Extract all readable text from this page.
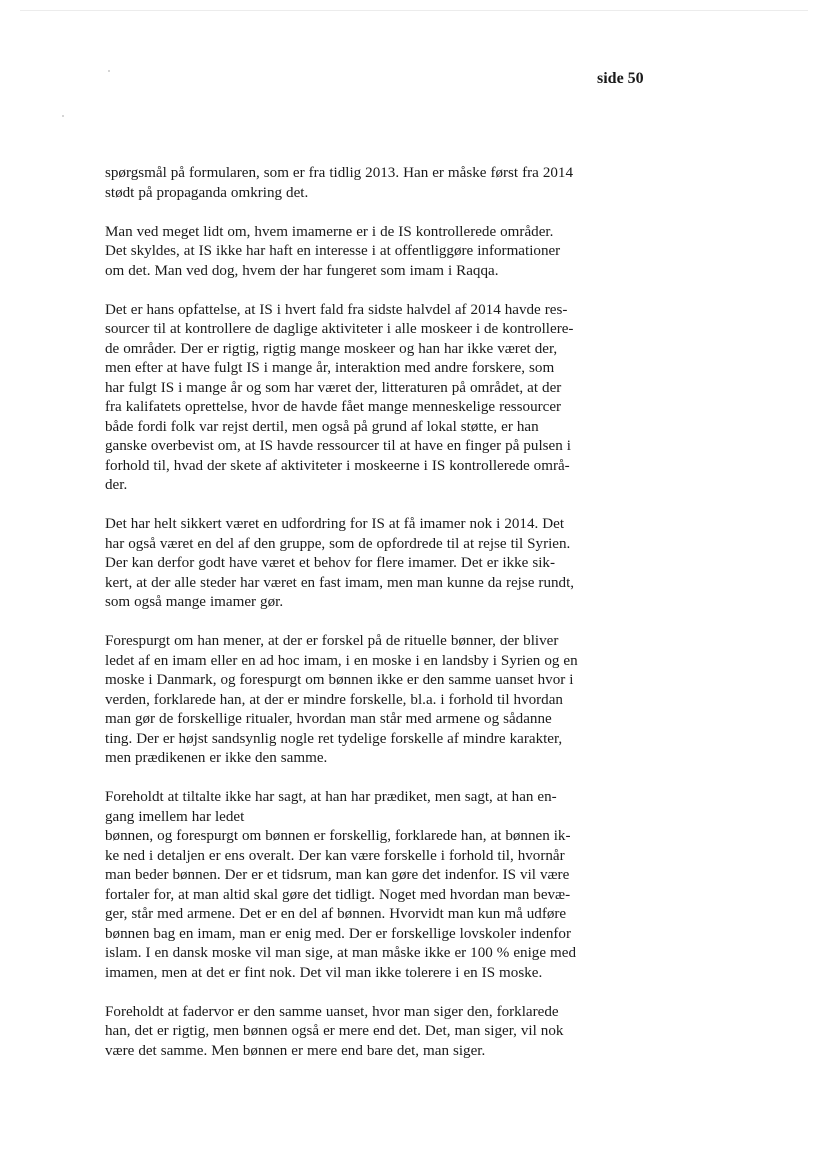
side 50

spørgsmål på formularen, som er fra tidlig 2013. Han er måske først fra 2014
stødt på propaganda omkring det.

Man ved meget lidt om, hvem imamerne er i de IS kontrollerede områder.
Det skyldes, at IS ikke har haft en interesse i at offentliggøre informationer
om det. Man ved dog, hvem der har fungeret som imam i Raqqa.

Det er hans opfattelse, at IS i hvert fald fra sidste halvdel af 2014 havde res-
sourcer til at kontrollere de daglige aktiviteter i alle moskeer i de kontrollere-
de områder. Der er rigtig, rigtig mange moskeer og han har ikke været der,
men efter at have fulgt IS i mange år, interaktion med andre forskere, som
har fulgt IS i mange år og som har været der, litteraturen på området, at der
fra kalifatets oprettelse, hvor de havde fået mange menneskelige ressourcer
både fordi folk var rejst dertil, men også på grund af lokal støtte, er han
ganske overbevist om, at IS havde ressourcer til at have en finger på pulsen i
forhold til, hvad der skete af aktiviteter i moskeerne i IS kontrollerede områ-
der.

Det har helt sikkert været en udfordring for IS at få imamer nok i 2014. Det
har også været en del af den gruppe, som de opfordrede til at rejse til Syrien.
Der kan derfor godt have været et behov for flere imamer. Det er ikke sik-
kert, at der alle steder har været en fast imam, men man kunne da rejse rundt,
som også mange imamer gør.

Forespurgt om han mener, at der er forskel på de rituelle bønner, der bliver
ledet af en imam eller en ad hoc imam, i en moske i en landsby i Syrien og en
moske i Danmark, og forespurgt om bønnen ikke er den samme uanset hvor i
verden, forklarede han, at der er mindre forskelle, bl.a. i forhold til hvordan
man gør de forskellige ritualer, hvordan man står med armene og sådanne
ting. Der er højst sandsynlig nogle ret tydelige forskelle af mindre karakter,
men prædikenen er ikke den samme.

Foreholdt at tiltalte ikke har sagt, at han har prædiket, men sagt, at han en-
gang imellem har ledet
bønnen, og forespurgt om bønnen er forskellig, forklarede han, at bønnen ik-
ke ned i detaljen er ens overalt. Der kan være forskelle i forhold til, hvornår
man beder bønnen. Der er et tidsrum, man kan gøre det indenfor. IS vil være
fortaler for, at man altid skal gøre det tidligt. Noget med hvordan man bevæ-
ger, står med armene. Det er en del af bønnen. Hvorvidt man kun må udføre
bønnen bag en imam, man er enig med. Der er forskellige lovskoler indenfor
islam. I en dansk moske vil man sige, at man måske ikke er 100 % enige med
imamen, men at det er fint nok. Det vil man ikke tolerere i en IS moske.

Foreholdt at fadervor er den samme uanset, hvor man siger den, forklarede
han, det er rigtig, men bønnen også er mere end det. Det, man siger, vil nok
være det samme. Men bønnen er mere end bare det, man siger.
